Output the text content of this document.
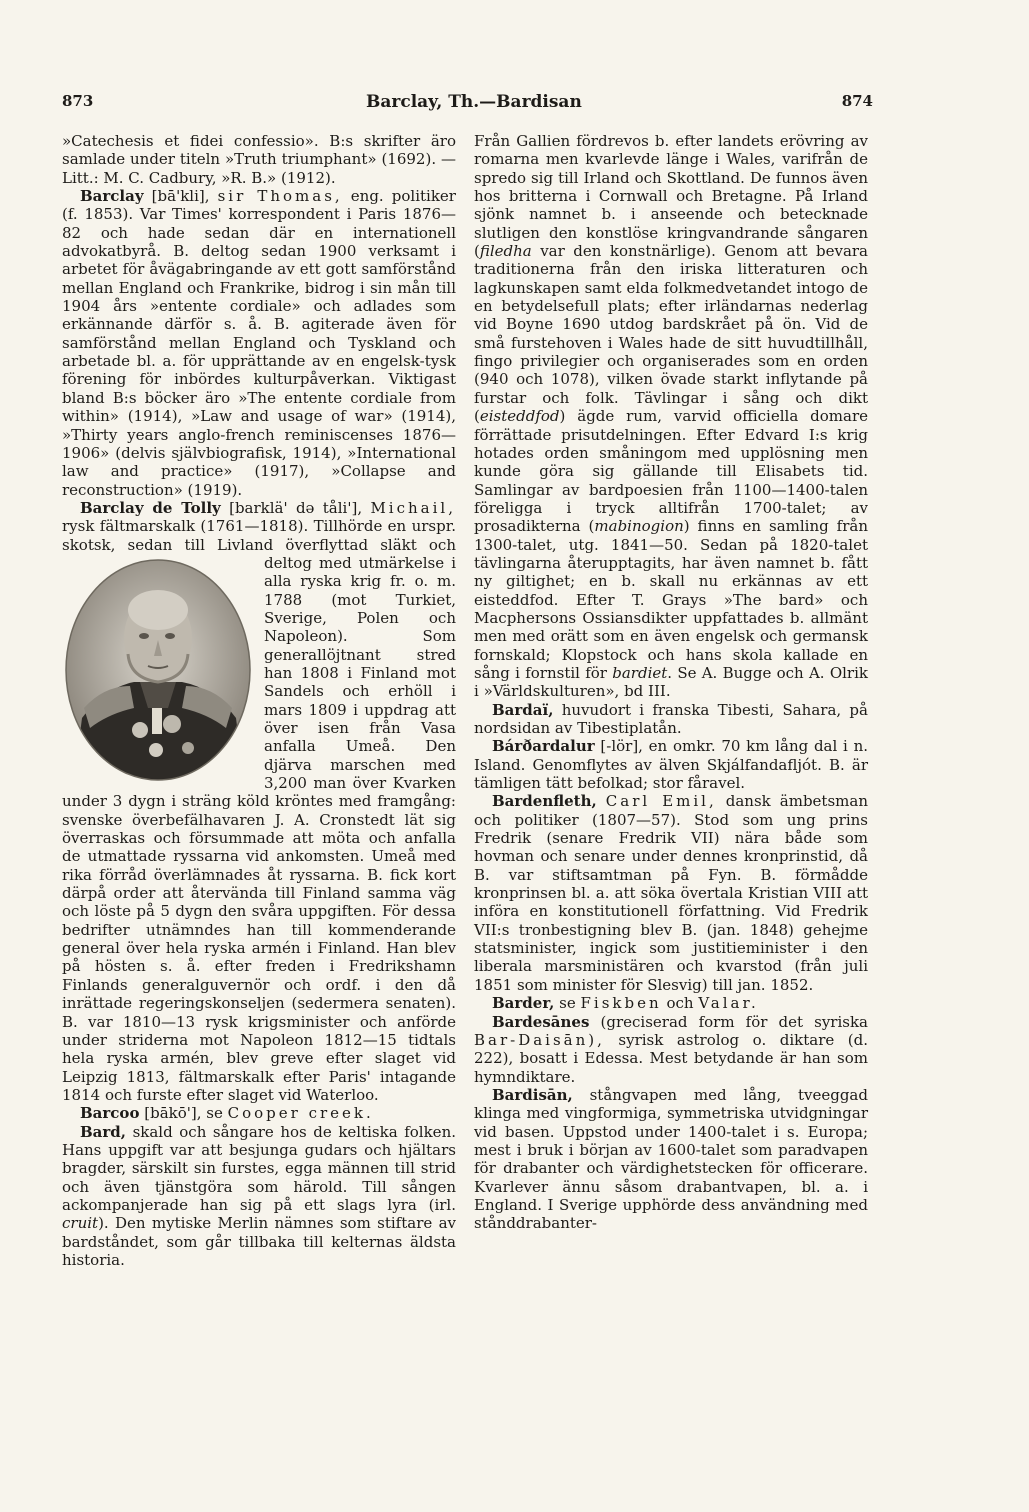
873	Barclay, Th.—Bardisan	874

»Catechesis et fidei confessio». B:s skrifter äro samlade under titeln »Truth triumphant» (1692). — Litt.: M. C. Cadbury, »R. B.» (1912).

Barclay [bā'kli], sir Thomas, eng. politiker (f. 1853). Var Times' korrespondent i Paris 1876—82 och hade sedan där en internationell advokatbyrå. B. deltog sedan 1900 verksamt i arbetet för åvägabringande av ett gott samförstånd mellan England och Frankrike, bidrog i sin mån till 1904 års »entente cordiale» och adlades som erkännande därför s. å. B. agiterade även för samförstånd mellan England och Tyskland och arbetade bl. a. för upprättande av en engelsk-tysk förening för inbördes kulturpåverkan. Viktigast bland B:s böcker äro »The entente cordiale from within» (1914), »Law and usage of war» (1914), »Thirty years anglo-french reminiscenses 1876—1906» (delvis självbiografisk, 1914), »International law and practice» (1917), »Collapse and reconstruction» (1919).

Barclay de Tolly [barklä' də tåli'], Michail, rysk fältmarskalk (1761—1818). Tillhörde en urspr. skotsk, sedan till Livland överflyttad släkt och deltog med utmärkelse i alla ryska krig fr. o. m. 1788 (mot Turkiet, Sverige, Polen och Napoleon). Som generallöjtnant stred han 1808 i Finland mot Sandels och erhöll i mars 1809 i uppdrag att över isen från Vasa anfalla Umeå. Den djärva marschen med 3,200 man över Kvarken under 3 dygn i sträng köld kröntes med framgång: svenske överbefälhavaren J. A. Cronstedt lät sig överraskas och försummade att möta och anfalla de utmattade ryssarna vid ankomsten. Umeå med rika förråd överlämnades åt ryssarna. B. fick kort därpå order att återvända till Finland samma väg och löste på 5 dygn den svåra uppgiften. För dessa bedrifter utnämndes han till kommenderande general över hela ryska armén i Finland. Han blev på hösten s. å. efter freden i Fredrikshamn Finlands generalguvernör och ordf. i den då inrättade regeringskonseljen (sedermera senaten). B. var 1810—13 rysk krigsminister och anförde under striderna mot Napoleon 1812—15 tidtals hela ryska armén, blev greve efter slaget vid Leipzig 1813, fältmarskalk efter Paris' intagande 1814 och furste efter slaget vid Waterloo.

Barcoo [bākō'], se Cooper creek.

Bard, skald och sångare hos de keltiska folken. Hans uppgift var att besjunga gudars och hjältars bragder, särskilt sin furstes, egga männen till strid och även tjänstgöra som härold. Till sången ackompanjerade han sig på ett slags lyra (irl. cruit). Den mytiske Merlin nämnes som stiftare av bardståndet, som går tillbaka till kelternas äldsta historia.

Från Gallien fördrevos b. efter landets erövring av romarna men kvarlevde länge i Wales, varifrån de spredo sig till Irland och Skottland. De funnos även hos britterna i Cornwall och Bretagne. På Irland sjönk namnet b. i anseende och betecknade slutligen den konstlöse kringvandrande sångaren (filedha var den konstnärlige). Genom att bevara traditionerna från den iriska litteraturen och lagkunskapen samt elda folkmedvetandet intogo de en betydelsefull plats; efter irländarnas nederlag vid Boyne 1690 utdog bardskrået på ön. Vid de små furstehoven i Wales hade de sitt huvudtillhåll, fingo privilegier och organiserades som en orden (940 och 1078), vilken övade starkt inflytande på furstar och folk. Tävlingar i sång och dikt (eisteddfod) ägde rum, varvid officiella domare förrättade prisutdelningen. Efter Edvard I:s krig hotades orden småningom med upplösning men kunde göra sig gällande till Elisabets tid. Samlingar av bardpoesien från 1100—1400-talen föreligga i tryck alltifrån 1700-talet; av prosadikterna (mabinogion) finns en samling från 1300-talet, utg. 1841—50. Sedan på 1820-talet tävlingarna återupptagits, har även namnet b. fått ny giltighet; en b. skall nu erkännas av ett eisteddfod. Efter T. Grays »The bard» och Macphersons Ossiansdikter uppfattades b. allmänt men med orätt som en även engelsk och germansk fornskald; Klopstock och hans skola kallade en sång i fornstil för bardiet. Se A. Bugge och A. Olrik i »Världskulturen», bd III.

Bardaï, huvudort i franska Tibesti, Sahara, på nordsidan av Tibestiplatån.

Bárðardalur [-lör], en omkr. 70 km lång dal i n. Island. Genomflytes av älven Skjálfandafljót. B. är tämligen tätt befolkad; stor fåravel.

Bardenfleth, Carl Emil, dansk ämbetsman och politiker (1807—57). Stod som ung prins Fredrik (senare Fredrik VII) nära både som hovman och senare under dennes kronprinstid, då B. var stiftsamtman på Fyn. B. förmådde kronprinsen bl. a. att söka övertala Kristian VIII att införa en konstitutionell författning. Vid Fredrik VII:s tronbestigning blev B. (jan. 1848) gehejme statsminister, ingick som justitieminister i den liberala marsministären och kvarstod (från juli 1851 som minister för Slesvig) till jan. 1852.

Barder, se Fiskben och Valar.

Bardesānes (greciserad form för det syriska Bar-Daisān), syrisk astrolog o. diktare (d. 222), bosatt i Edessa. Mest betydande är han som hymndiktare.

Bardisān, stångvapen med lång, tveeggad klinga med vingformiga, symmetriska utvidgningar vid basen. Uppstod under 1400-talet i s. Europa; mest i bruk i början av 1600-talet som paradvapen för drabanter och värdighetstecken för officerare. Kvarlever ännu såsom drabantvapen, bl. a. i England. I Sverige upphörde dess användning med stånddrabanter-
